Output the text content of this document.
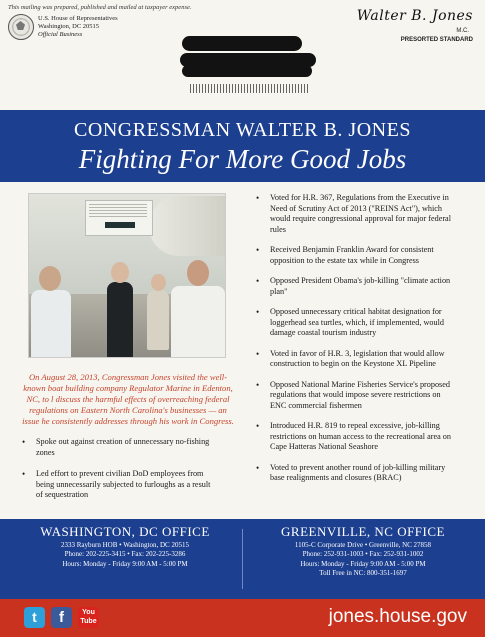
This mailing was prepared, published and mailed at taxpayer expense.
U.S. House of Representatives
Washington, DC 20515
Official Business
Walter B. Jones
M.C.
PRESORTED STANDARD
CONGRESSMAN WALTER B. JONES
Fighting For More Good Jobs

On August 28, 2013, Congressman Jones visited the well-known boat building company Regulator Marine in Edenton, NC, to l discuss the harmful effects of overreaching federal regulations on Eastern North Carolina's businesses — an issue he consistently addresses through his work in Congress.

• Spoke out against creation of unnecessary no-fishing zones
• Led effort to prevent civilian DoD employees from being unnecessarily subjected to furloughs as a result of sequestration
• Voted for H.R. 367, Regulations from the Executive in Need of Scrutiny Act of 2013 ("REINS Act"), which would require congressional approval for major federal rules
• Received Benjamin Franklin Award for consistent opposition to the estate tax while in Congress
• Opposed President Obama's job-killing "climate action plan"
• Opposed unnecessary critical habitat designation for loggerhead sea turtles, which, if implemented, would damage coastal tourism industry
• Voted in favor of H.R. 3, legislation that would allow construction to begin on the Keystone XL Pipeline
• Opposed National Marine Fisheries Service's proposed regulations that would impose severe restrictions on ENC commercial fishermen
• Introduced H.R. 819 to repeal excessive, job-killing restrictions on human access to the recreational area on Cape Hatteras National Seashore
• Voted to prevent another round of job-killing military base realignments and closures (BRAC)
WASHINGTON, DC OFFICE
2333 Rayburn HOB • Washington, DC 20515
Phone: 202-225-3415 • Fax: 202-225-3286
Hours: Monday - Friday 9:00 AM - 5:00 PM
GREENVILLE, NC OFFICE
1105-C Corporate Drive • Greenville, NC 27858
Phone: 252-931-1003 • Fax: 252-931-1002
Hours: Monday - Friday 9:00 AM - 5:00 PM
Toll Free in NC: 800-351-1697
t	f	You
Tube	jones.house.gov
